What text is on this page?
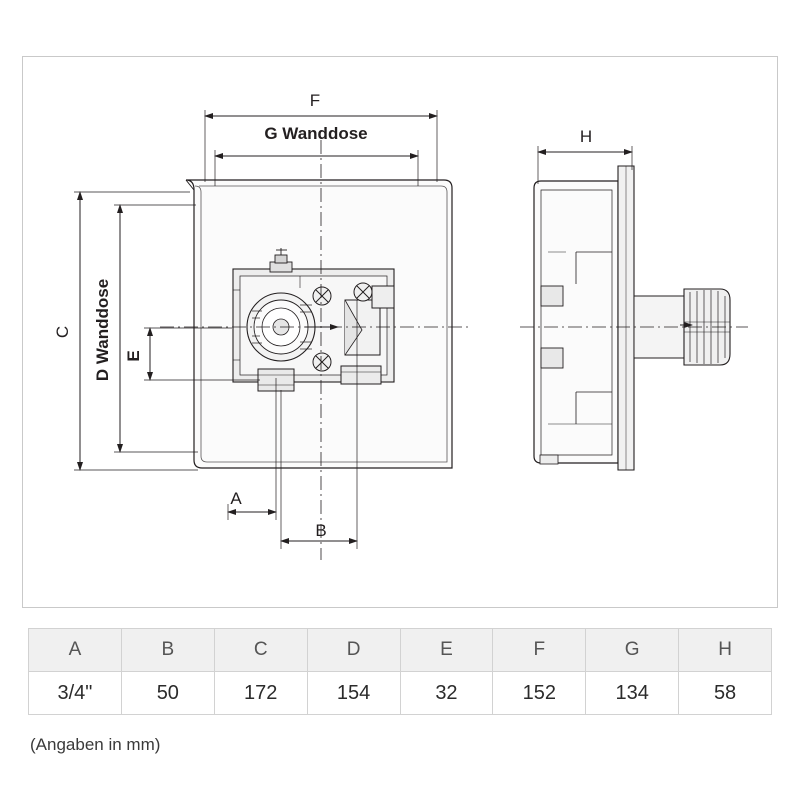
F
G Wanddose	H
C D Wanddose E
A
B
A	B	C	D	E	F	G	H
3/4"	50	172	154	32	152	134	58
(Angaben in mm)
